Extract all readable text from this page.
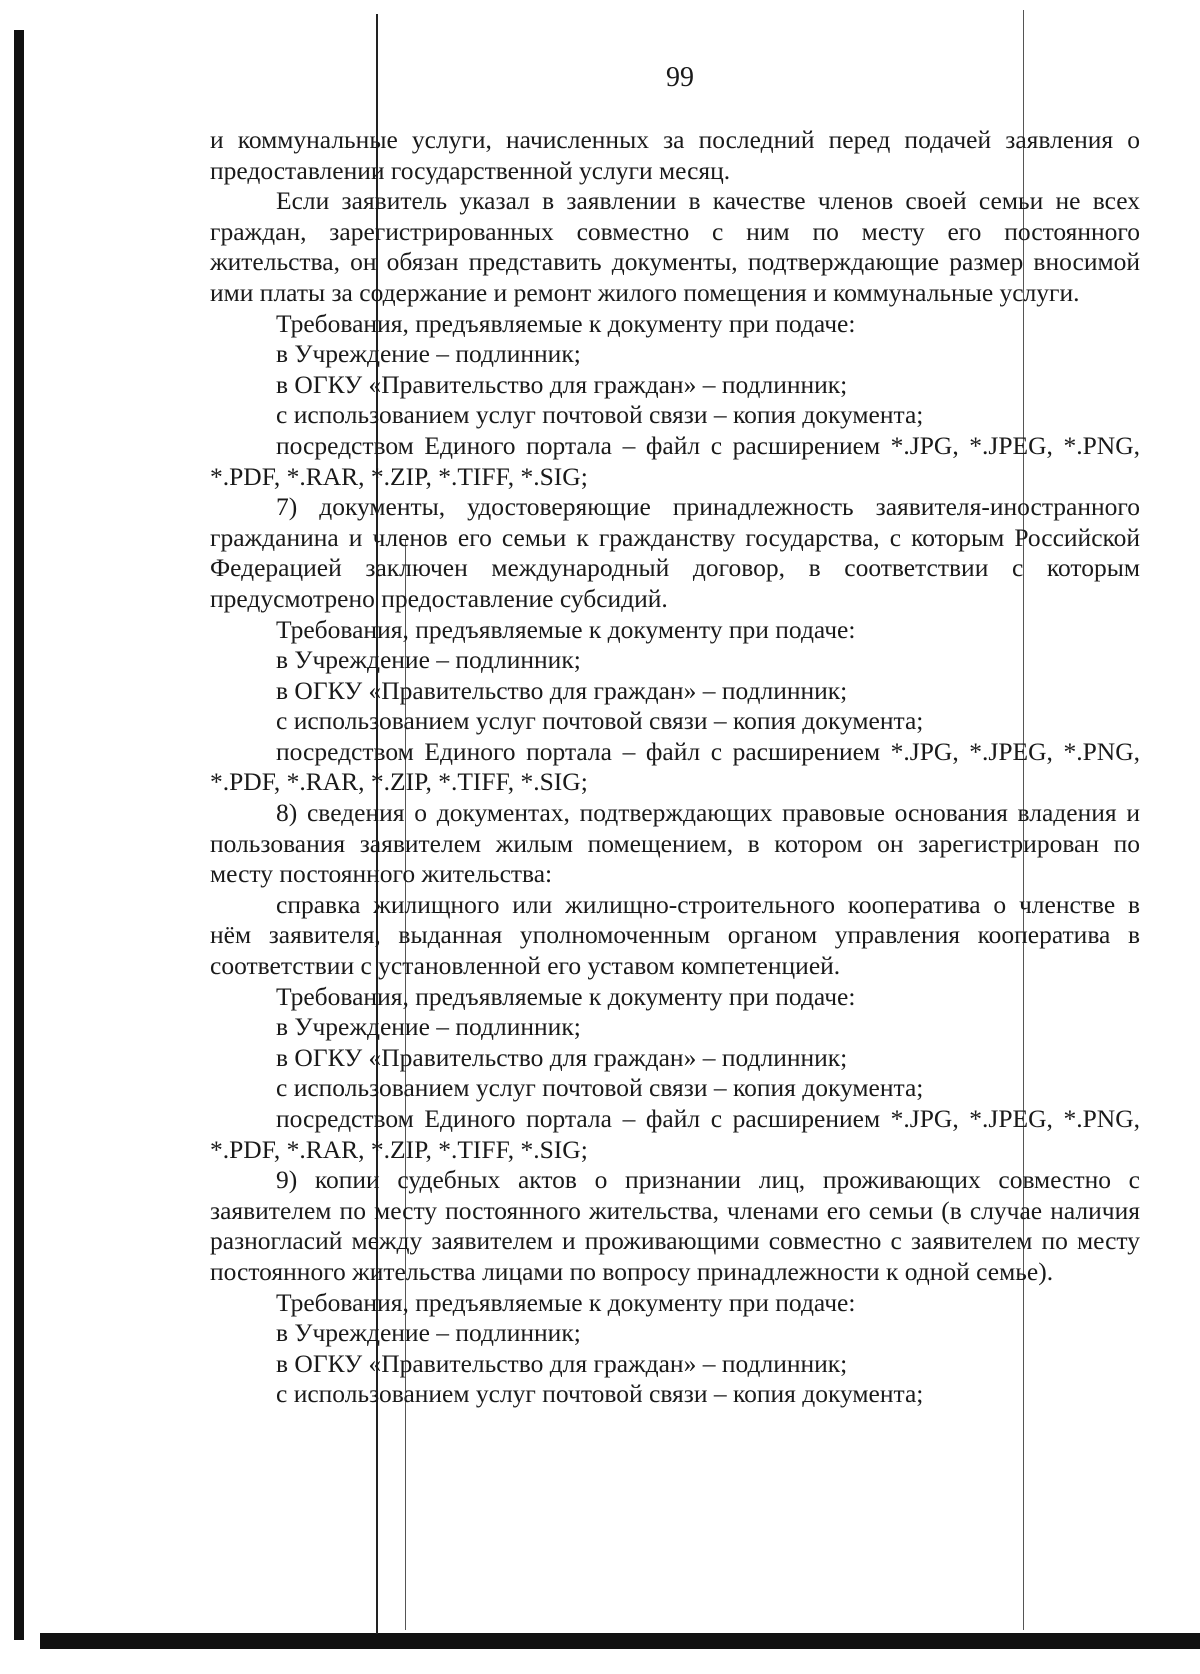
99

и коммунальные услуги, начисленных за последний перед подачей заявления о предоставлении государственной услуги месяц.

Если заявитель указал в заявлении в качестве членов своей семьи не всех граждан, зарегистрированных совместно с ним по месту его постоянного жительства, он обязан представить документы, подтверждающие размер вносимой ими платы за содержание и ремонт жилого помещения и коммунальные услуги.

Требования, предъявляемые к документу при подаче:

в Учреждение – подлинник;

в ОГКУ «Правительство для граждан» – подлинник;

с использованием услуг почтовой связи – копия документа;

посредством Единого портала – файл с расширением *.JPG, *.JPEG, *.PNG, *.PDF, *.RAR, *.ZIP, *.TIFF, *.SIG;

7) документы, удостоверяющие принадлежность заявителя-иностранного гражданина и членов его семьи к гражданству государства, с которым Российской Федерацией заключен международный договор, в соответствии с которым предусмотрено предоставление субсидий.

Требования, предъявляемые к документу при подаче:

в Учреждение – подлинник;

в ОГКУ «Правительство для граждан» – подлинник;

с использованием услуг почтовой связи – копия документа;

посредством Единого портала – файл с расширением *.JPG, *.JPEG, *.PNG, *.PDF, *.RAR, *.ZIP, *.TIFF, *.SIG;

8) сведения о документах, подтверждающих правовые основания владения и пользования заявителем жилым помещением, в котором он зарегистрирован по месту постоянного жительства:

справка жилищного или жилищно-строительного кооператива о членстве в нём заявителя, выданная уполномоченным органом управления кооператива в соответствии с установленной его уставом компетенцией.

Требования, предъявляемые к документу при подаче:

в Учреждение – подлинник;

в ОГКУ «Правительство для граждан» – подлинник;

с использованием услуг почтовой связи – копия документа;

посредством Единого портала – файл с расширением *.JPG, *.JPEG, *.PNG, *.PDF, *.RAR, *.ZIP, *.TIFF, *.SIG;

9) копии судебных актов о признании лиц, проживающих совместно с заявителем по месту постоянного жительства, членами его семьи (в случае наличия разногласий между заявителем и проживающими совместно с заявителем по месту постоянного жительства лицами по вопросу принадлежности к одной семье).

Требования, предъявляемые к документу при подаче:

в Учреждение – подлинник;

в ОГКУ «Правительство для граждан» – подлинник;

с использованием услуг почтовой связи – копия документа;
